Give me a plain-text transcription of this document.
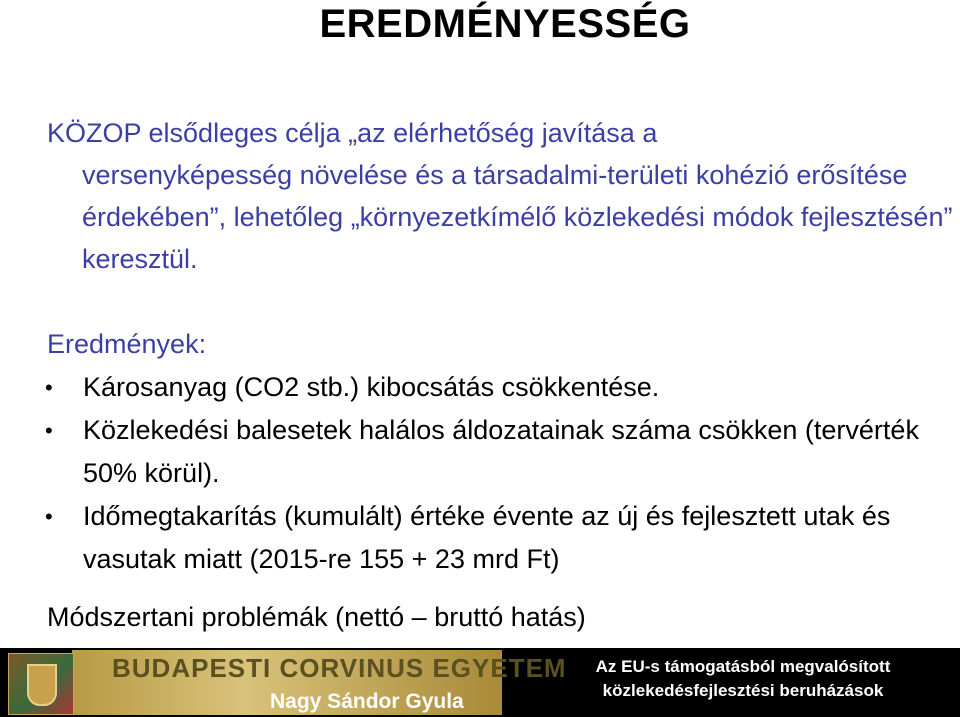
EREDMÉNYESSÉG
KÖZOP elsődleges célja „az elérhetőség javítása a
versenyképesség növelése és a társadalmi-területi kohézió erősítése érdekében”, lehetőleg „környezetkímélő közlekedési módok fejlesztésén” keresztül.
Eredmények:
• Károsanyag (CO2 stb.) kibocsátás csökkentése.
• Közlekedési balesetek halálos áldozatainak száma csökken (tervérték 50% körül).
• Időmegtakarítás (kumulált) értéke évente az új és fejlesztett utak és vasutak miatt (2015-re 155 + 23 mrd Ft)
Módszertani problémák (nettó – bruttó hatás)
BUDAPESTI CORVINUS EGYETEM
Nagy Sándor Gyula
Az EU-s támogatásból megvalósított
közlekedésfejlesztési beruházások
